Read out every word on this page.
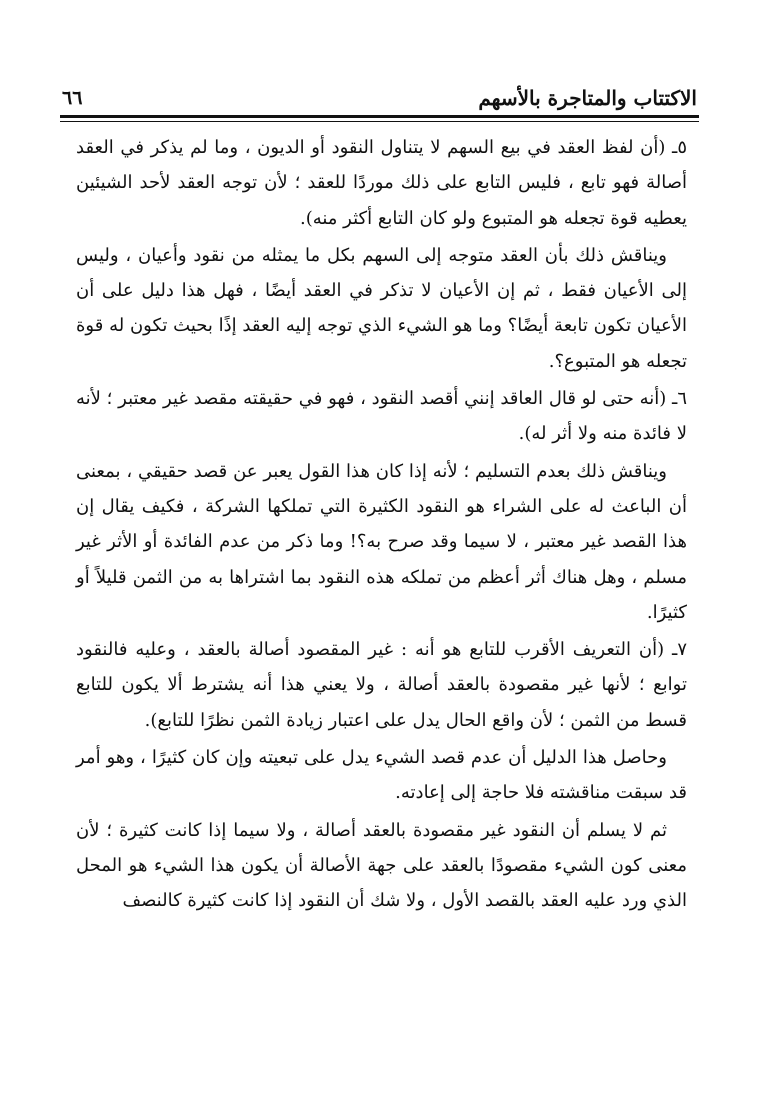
الاكتتاب والمتاجرة بالأسهم
٦٦

٥ـ (أن لفظ العقد في بيع السهم لا يتناول النقود أو الديون ، وما لم يذكر في العقد أصالة فهو تابع ، فليس التابع على ذلك موردًا للعقد ؛ لأن توجه العقد لأحد الشيئين يعطيه قوة تجعله هو المتبوع ولو كان التابع أكثر منه).

ويناقش ذلك بأن العقد متوجه إلى السهم بكل ما يمثله من نقود وأعيان ، وليس إلى الأعيان فقط ، ثم إن الأعيان لا تذكر في العقد أيضًا ، فهل هذا دليل على أن الأعيان تكون تابعة أيضًا؟ وما هو الشيء الذي توجه إليه العقد إذًا بحيث تكون له قوة تجعله هو المتبوع؟.

٦ـ (أنه حتى لو قال العاقد إنني أقصد النقود ، فهو في حقيقته مقصد غير معتبر ؛ لأنه لا فائدة منه ولا أثر له).

ويناقش ذلك بعدم التسليم ؛ لأنه إذا كان هذا القول يعبر عن قصد حقيقي ، بمعنى أن الباعث له على الشراء هو النقود الكثيرة التي تملكها الشركة ، فكيف يقال إن هذا القصد غير معتبر ، لا سيما وقد صرح به؟! وما ذكر من عدم الفائدة أو الأثر غير مسلم ، وهل هناك أثر أعظم من تملكه هذه النقود بما اشتراها به من الثمن قليلاً أو كثيرًا.

٧ـ (أن التعريف الأقرب للتابع هو أنه : غير المقصود أصالة بالعقد ، وعليه فالنقود توابع ؛ لأنها غير مقصودة بالعقد أصالة ، ولا يعني هذا أنه يشترط ألا يكون للتابع قسط من الثمن ؛ لأن واقع الحال يدل على اعتبار زيادة الثمن نظرًا للتابع).

وحاصل هذا الدليل أن عدم قصد الشيء يدل على تبعيته وإن كان كثيرًا ، وهو أمر قد سبقت مناقشته فلا حاجة إلى إعادته.

ثم لا يسلم أن النقود غير مقصودة بالعقد أصالة ، ولا سيما إذا كانت كثيرة ؛ لأن معنى كون الشيء مقصودًا بالعقد على جهة الأصالة أن يكون هذا الشيء هو المحل الذي ورد عليه العقد بالقصد الأول ، ولا شك أن النقود إذا كانت كثيرة كالنصف
